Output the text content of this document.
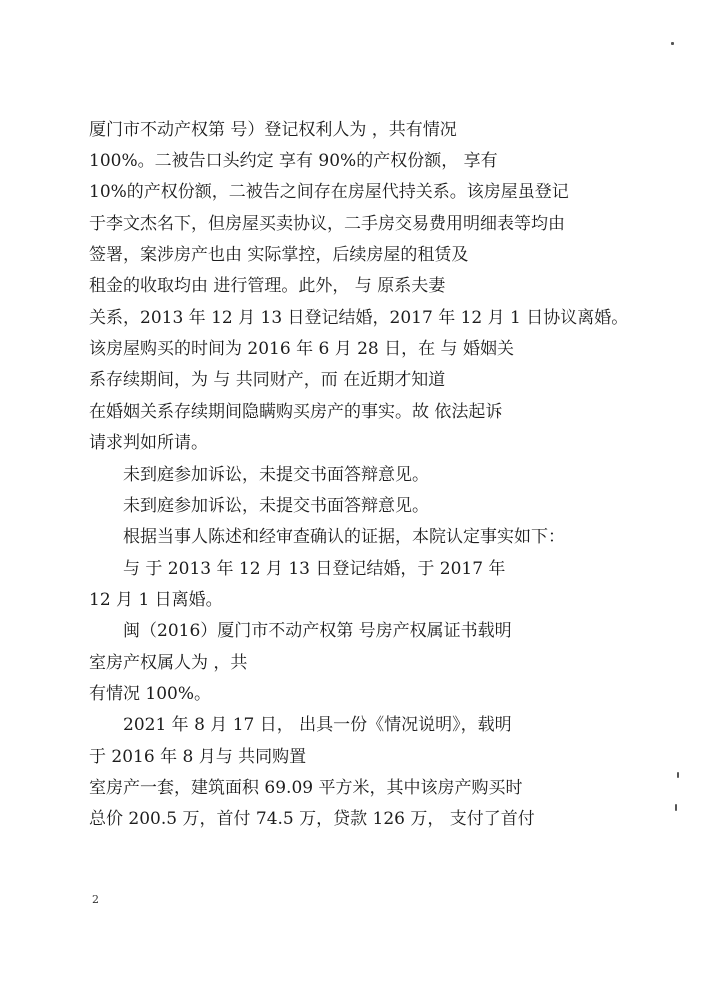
厦门市不动产权第 号）登记权利人为 ，共有情况
100%。二被告口头约定 享有 90%的产权份额， 享有
10%的产权份额，二被告之间存在房屋代持关系。该房屋虽登记
于李文杰名下，但房屋买卖协议，二手房交易费用明细表等均由
签署，案涉房产也由 实际掌控，后续房屋的租赁及
租金的收取均由 进行管理。此外， 与 原系夫妻
关系，2013 年 12 月 13 日登记结婚，2017 年 12 月 1 日协议离婚。
该房屋购买的时间为 2016 年 6 月 28 日，在 与 婚姻关
系存续期间，为 与 共同财产，而 在近期才知道
在婚姻关系存续期间隐瞒购买房产的事实。故 依法起诉
请求判如所请。
未到庭参加诉讼，未提交书面答辩意见。
未到庭参加诉讼，未提交书面答辩意见。
根据当事人陈述和经审查确认的证据，本院认定事实如下：
与 于 2013 年 12 月 13 日登记结婚，于 2017 年
12 月 1 日离婚。
闽（2016）厦门市不动产权第 号房产权属证书载明
室房产权属人为 ，共
有情况 100%。
2021 年 8 月 17 日， 出具一份《情况说明》，载明
于 2016 年 8 月与 共同购置
室房产一套，建筑面积 69.09 平方米，其中该房产购买时
总价 200.5 万，首付 74.5 万，贷款 126 万， 支付了首付
2
